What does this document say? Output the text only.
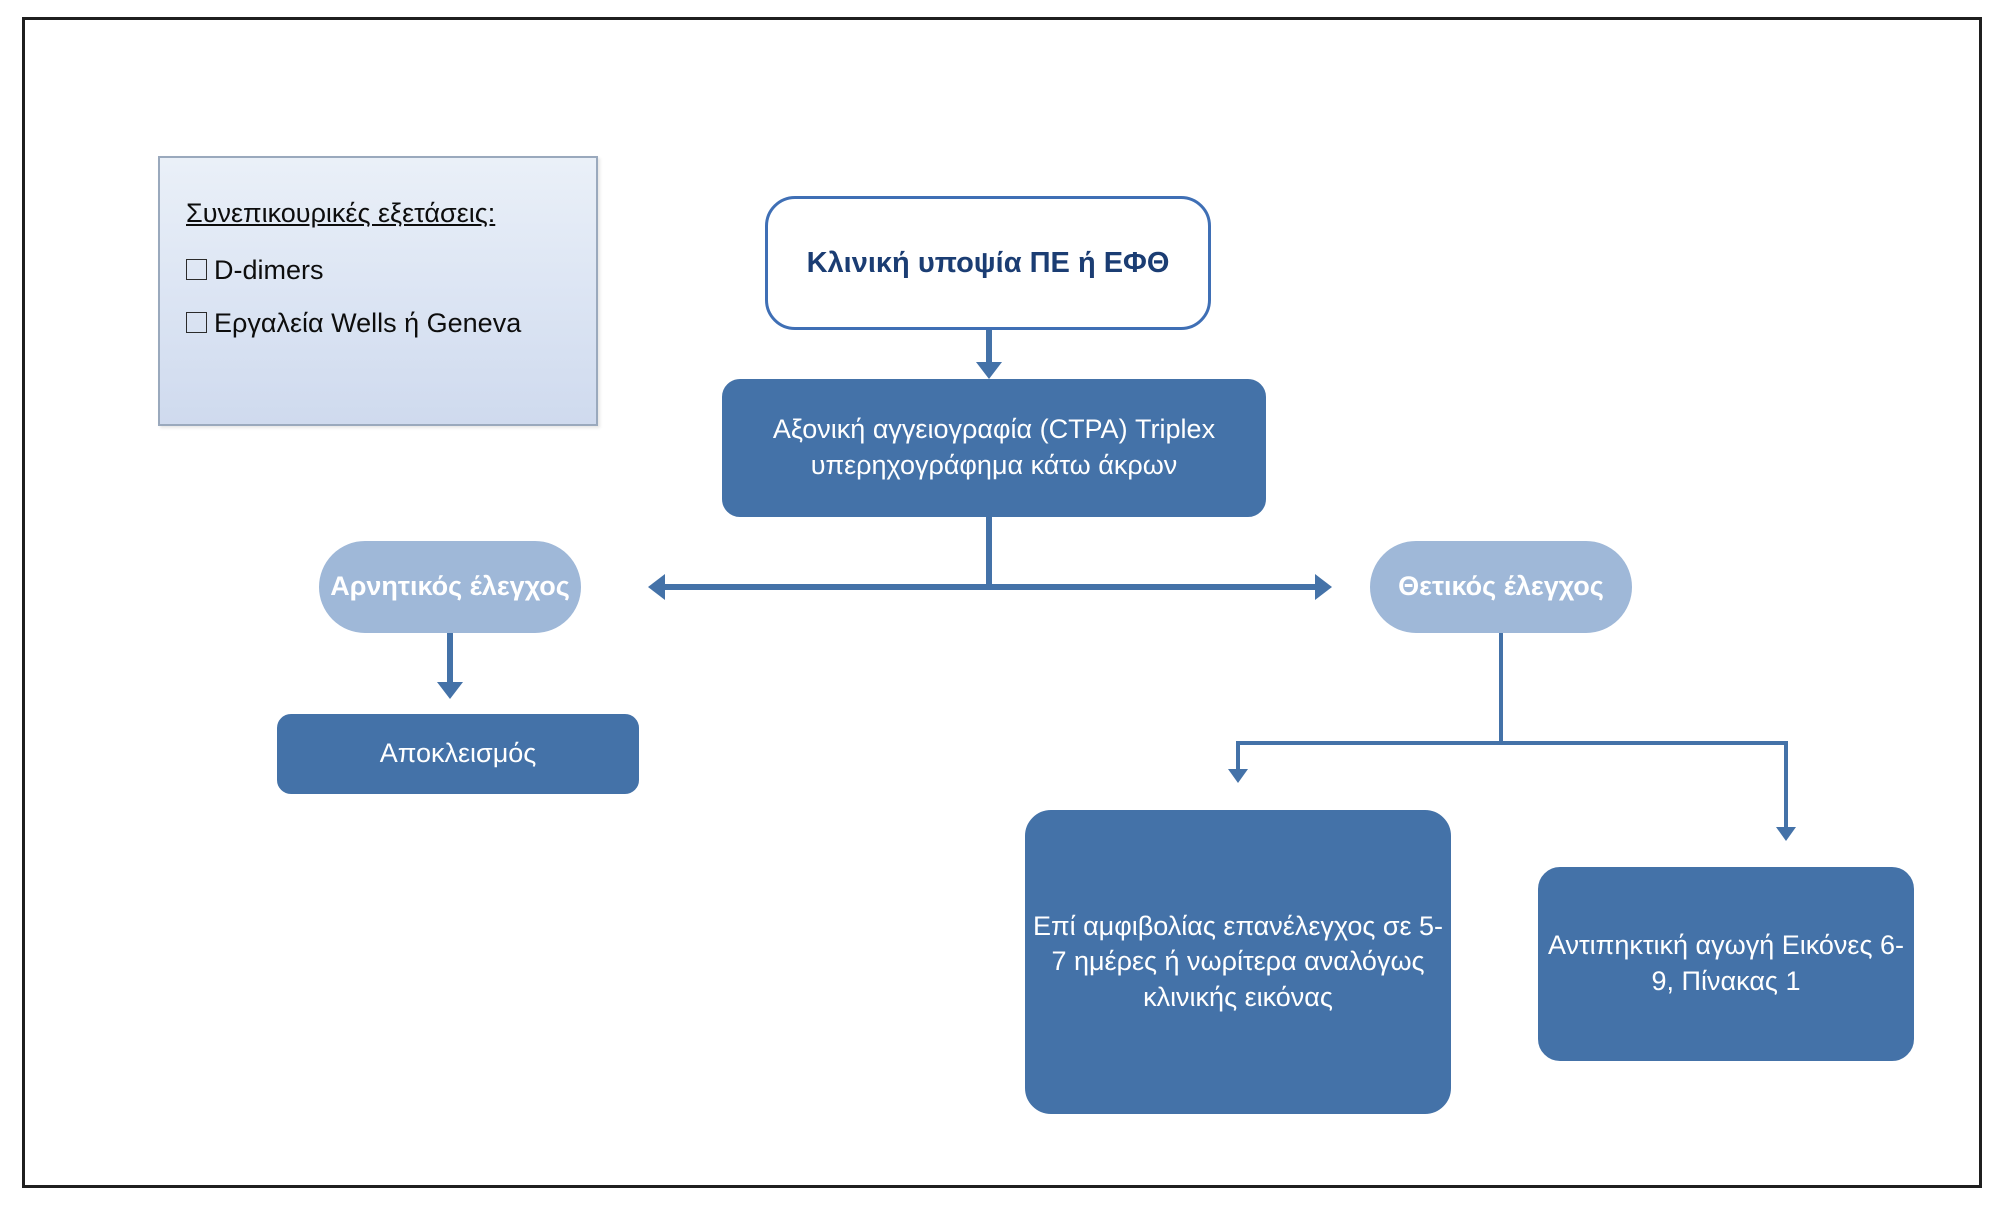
Συνεπικουρικές εξετάσεις:
D-dimers
Εργαλεία Wells ή Geneva
Κλινική υποψία ΠΕ ή ΕΦΘ
Αξονική αγγειογραφία (CTPA) Triplex υπερηχογράφημα κάτω άκρων
Αρνητικός έλεγχος	Θετικός έλεγχος
Αποκλεισμός
Επί αμφιβολίας επανέλεγχος σε 5-7 ημέρες ή νωρίτερα αναλόγως κλινικής εικόνας
Αντιπηκτική αγωγή Εικόνες 6-9, Πίνακας 1
